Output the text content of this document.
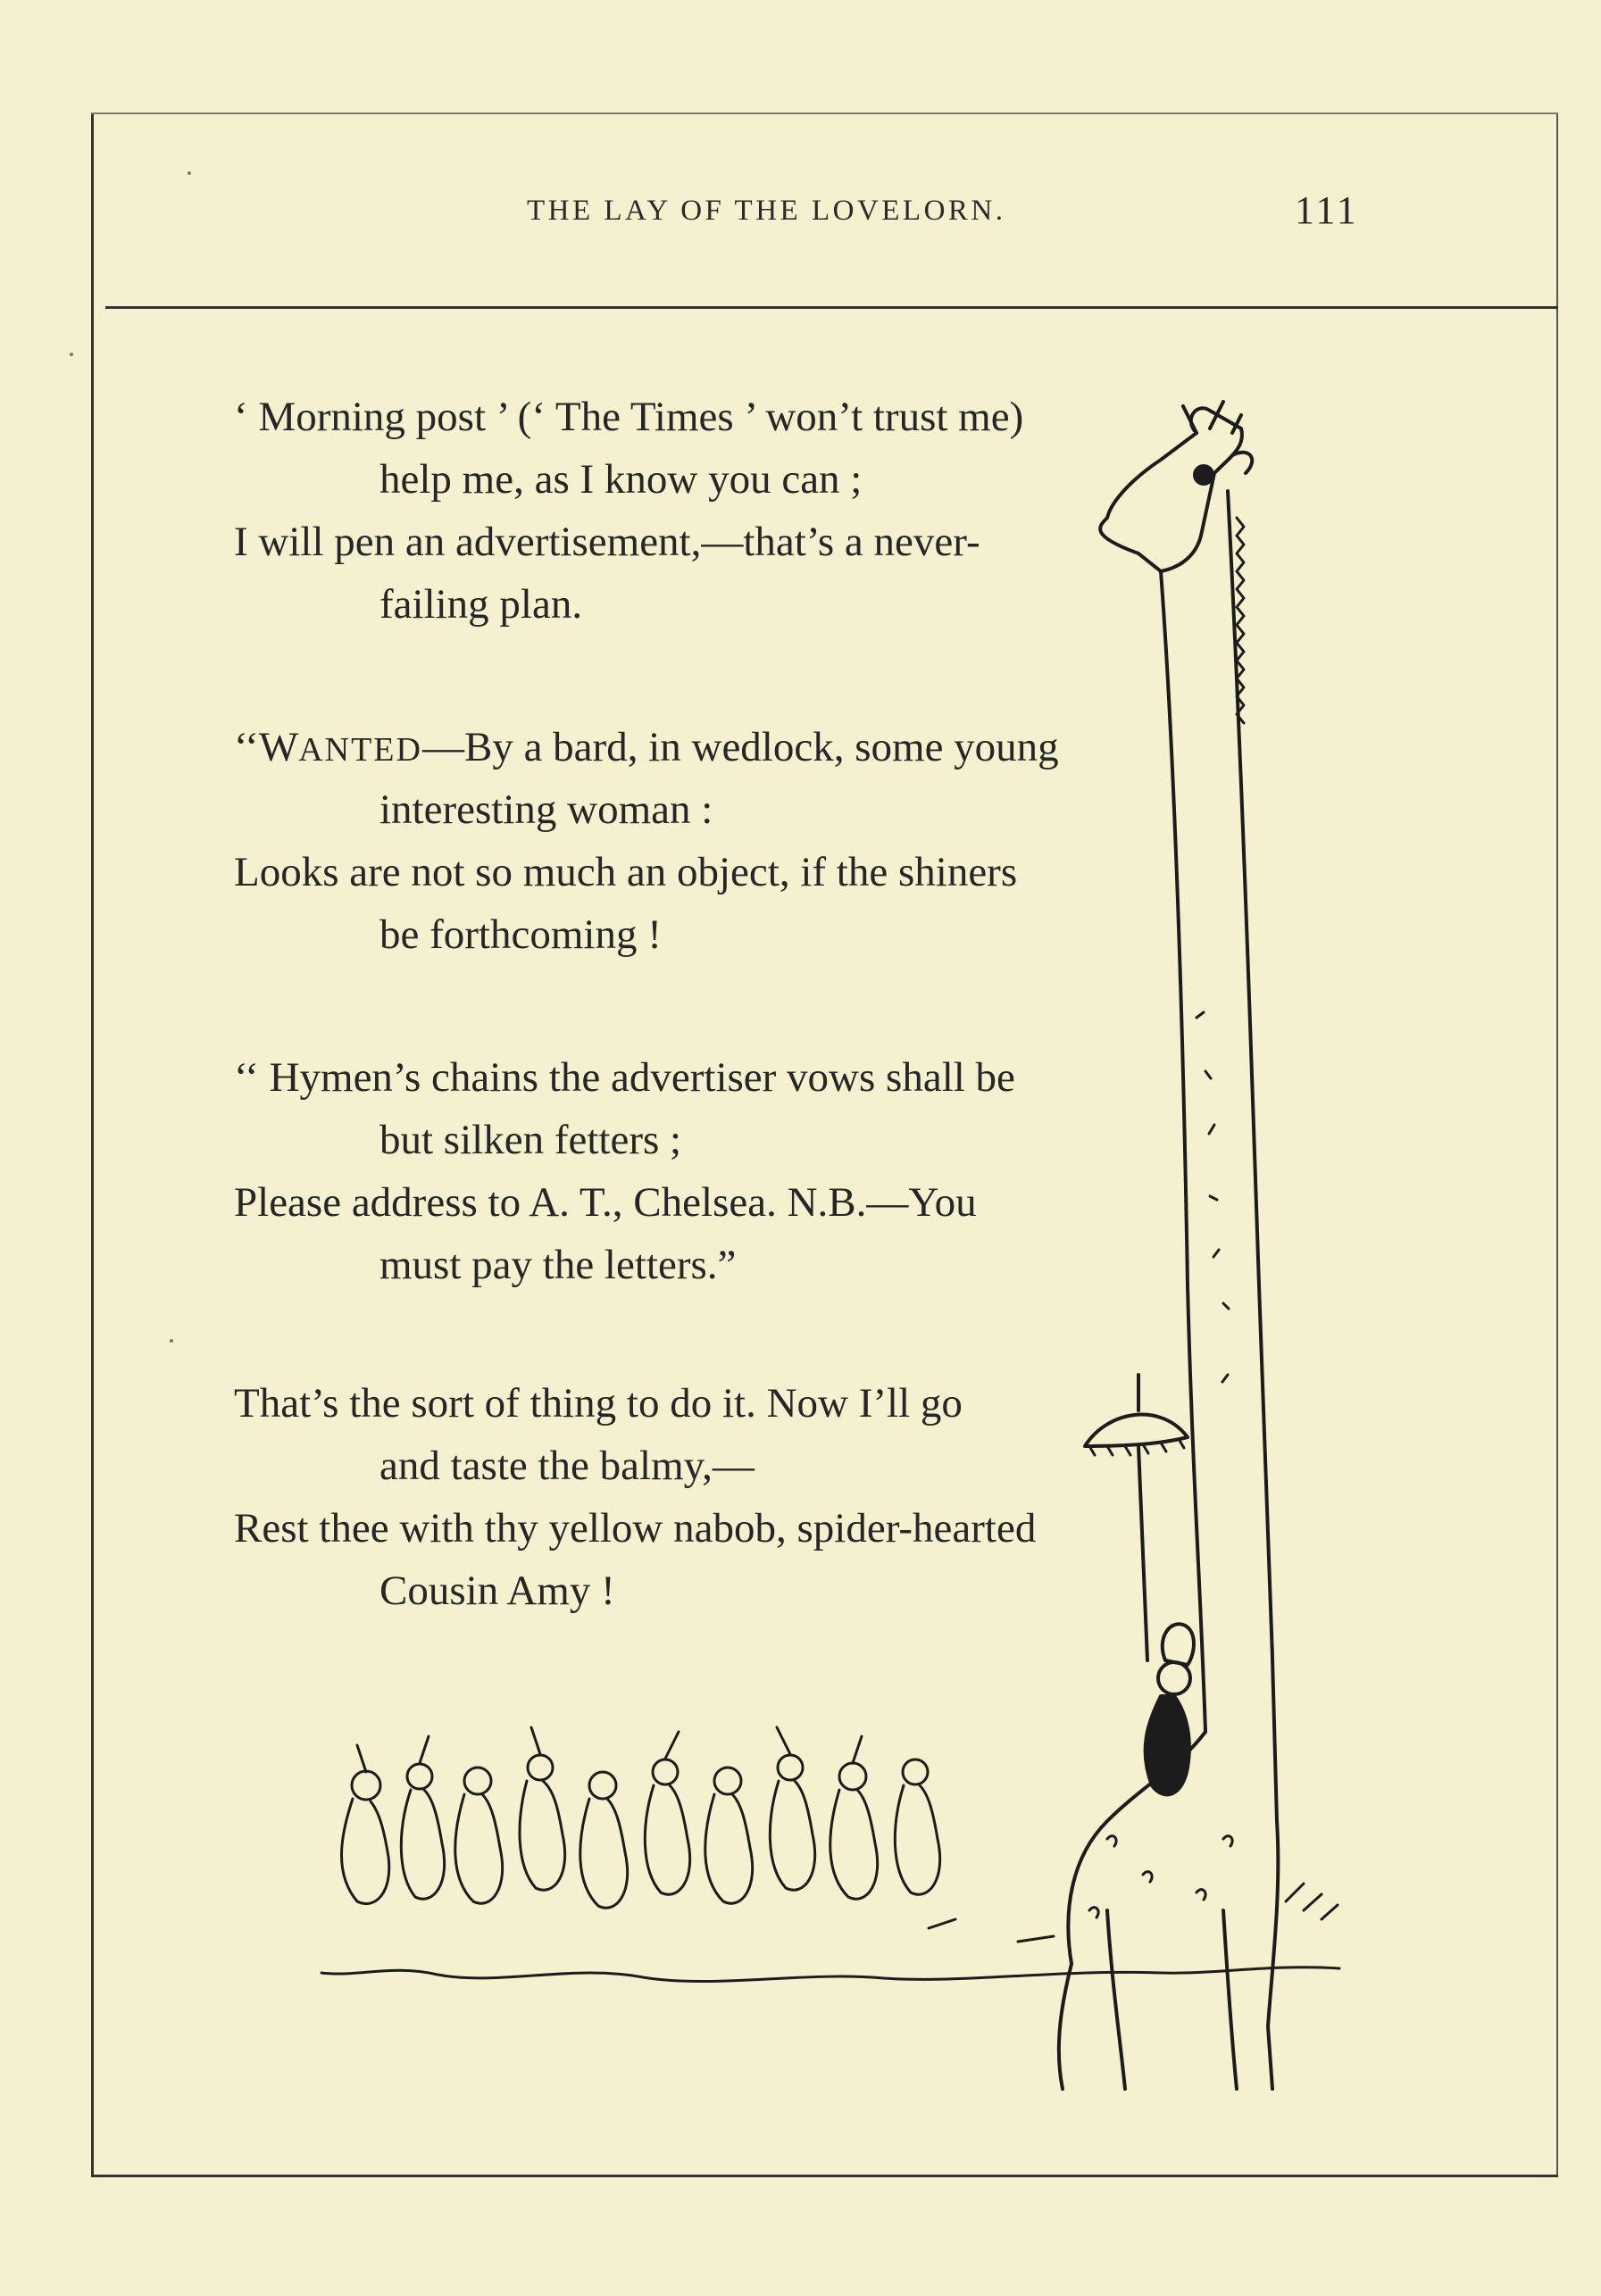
THE LAY OF THE LOVELORN.	111
‘ Morning post ’ (‘ The Times ’ won’t trust me)
help me, as I know you can ;
I will pen an advertisement,—that’s a never-
failing plan.
‘‘WANTED—By a bard, in wedlock, some young
interesting woman :
Looks are not so much an object, if the shiners
be forthcoming !
‘‘ Hymen’s chains the advertiser vows shall be
but silken fetters ;
Please address to A. T., Chelsea. N.B.—You
must pay the letters.”
That’s the sort of thing to do it. Now I’ll go
and taste the balmy,—
Rest thee with thy yellow nabob, spider-hearted
Cousin Amy !
